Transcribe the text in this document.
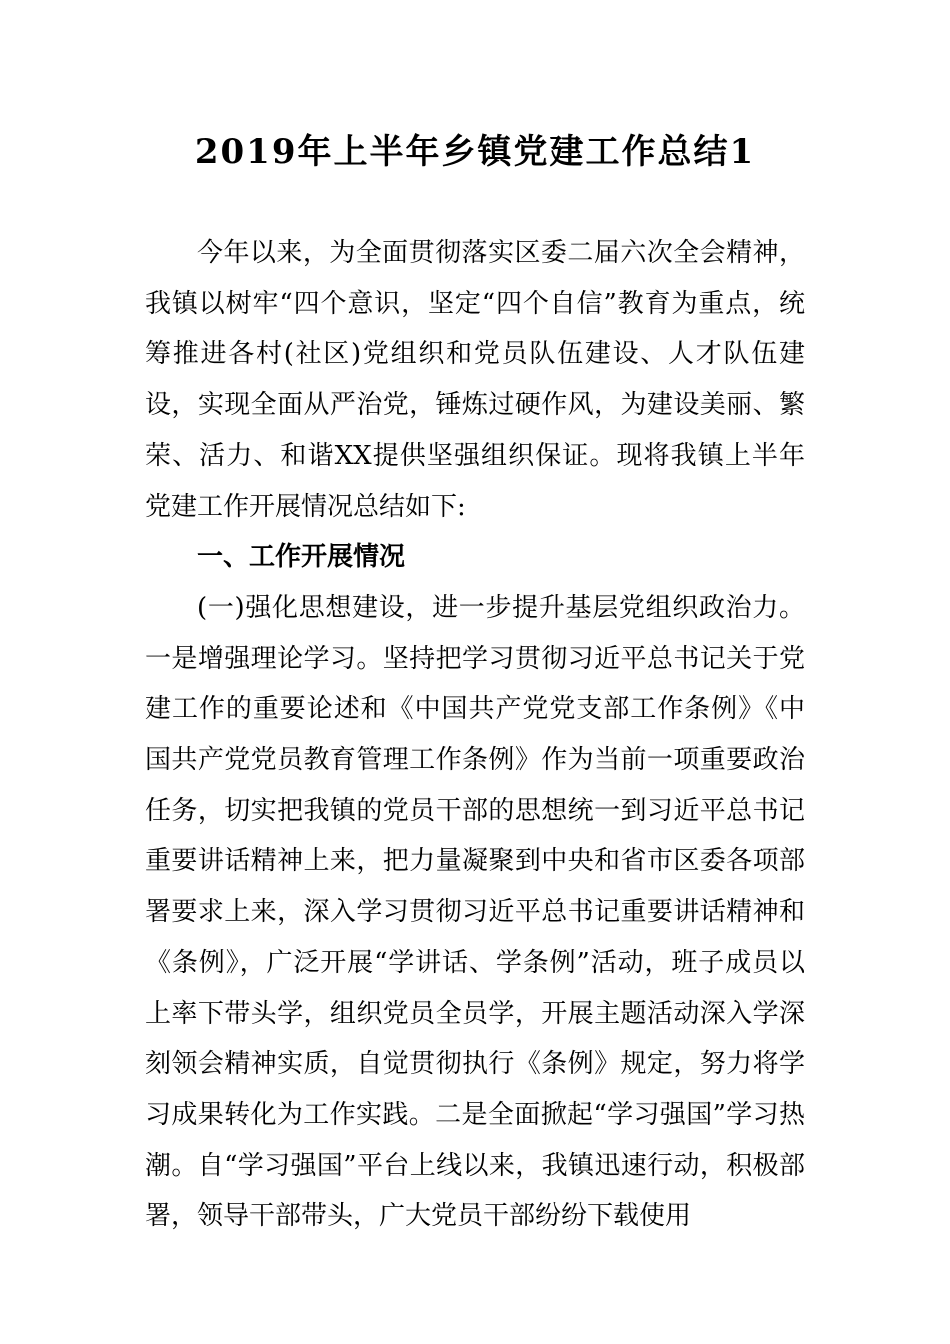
2019年上半年乡镇党建工作总结1

今年以来，为全面贯彻落实区委二届六次全会精神，我镇以树牢“四个意识，坚定“四个自信”教育为重点，统筹推进各村(社区)党组织和党员队伍建设、人才队伍建设，实现全面从严治党，锤炼过硬作风，为建设美丽、繁荣、活力、和谐XX提供坚强组织保证。现将我镇上半年党建工作开展情况总结如下:

一、工作开展情况

(一)强化思想建设，进一步提升基层党组织政治力。一是增强理论学习。坚持把学习贯彻习近平总书记关于党建工作的重要论述和《中国共产党党支部工作条例》《中国共产党党员教育管理工作条例》作为当前一项重要政治任务，切实把我镇的党员干部的思想统一到习近平总书记重要讲话精神上来，把力量凝聚到中央和省市区委各项部署要求上来，深入学习贯彻习近平总书记重要讲话精神和《条例》，广泛开展“学讲话、学条例”活动，班子成员以上率下带头学，组织党员全员学，开展主题活动深入学深刻领会精神实质，自觉贯彻执行《条例》规定，努力将学习成果转化为工作实践。二是全面掀起“学习强国”学习热潮。自“学习强国”平台上线以来，我镇迅速行动，积极部署，领导干部带头，广大党员干部纷纷下载使用
